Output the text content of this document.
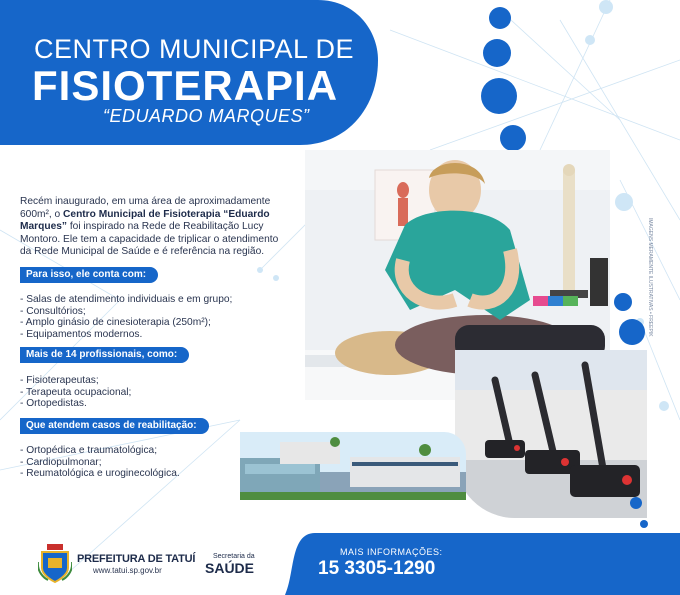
CENTRO MUNICIPAL DE
FISIOTERAPIA
“EDUARDO MARQUES”
Recém inaugurado, em uma área de aproximadamente 600m², o Centro Municipal de Fisioterapia “Eduardo Marques” foi inspirado na Rede de Reabilitação Lucy Montoro. Ele tem a capacidade de triplicar o atendimento da Rede Municipal de Saúde e é referência na região.
Para isso, ele conta com:
- Salas de atendimento individuais e em grupo;
- Consultórios;
- Amplo ginásio de cinesioterapia (250m²);
- Equipamentos modernos.
Mais de 14 profissionais, como:
- Fisioterapeutas;
- Terapeuta ocupacional;
- Ortopedistas.
Que atendem casos de reabilitação:
- Ortopédica e traumatológica;
- Cardiopulmonar;
- Reumatológica e uroginecológica.
IMAGENS MERAMENTE ILUSTRATIVAS • FREEPIK
MAIS INFORMAÇÕES:
15 3305-1290
PREFEITURA DE TATUÍ
www.tatui.sp.gov.br
Secretaria da
SAÚDE
